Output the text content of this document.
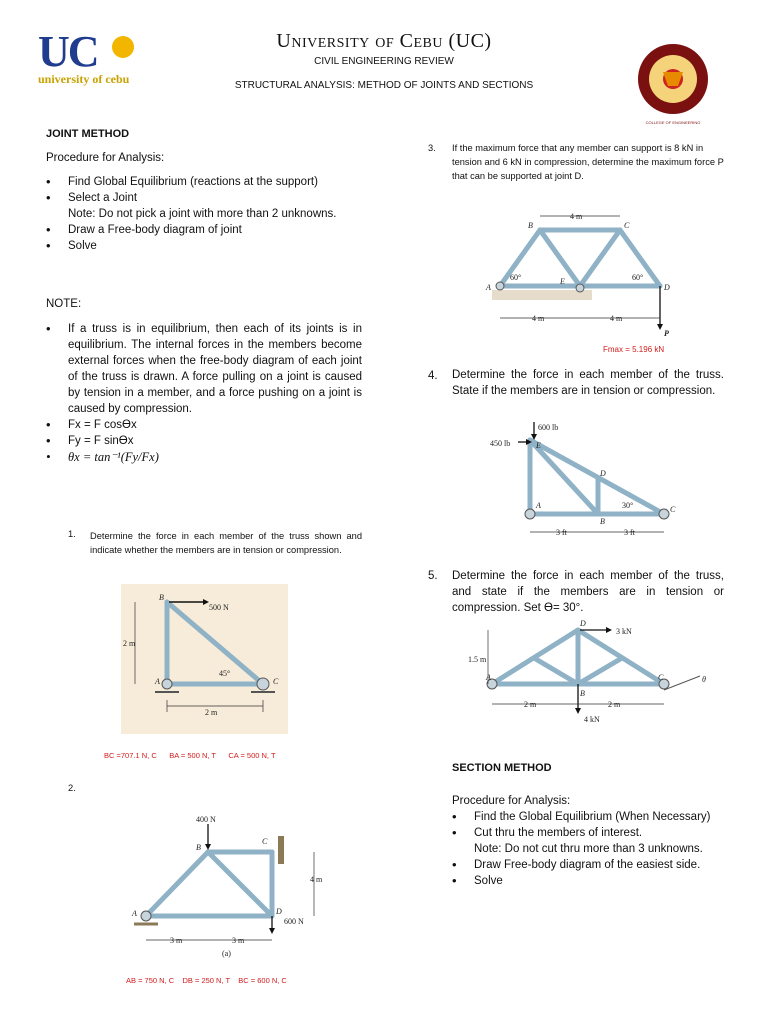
UC
university of cebu
University of Cebu (UC)
CIVIL ENGINEERING REVIEW
STRUCTURAL ANALYSIS: METHOD OF JOINTS AND SECTIONS
COLLEGE OF ENGINEERING
JOINT METHOD
Procedure for Analysis:
• Find Global Equilibrium (reactions at the support)
• Select a Joint
Note: Do not pick a joint with more than 2 unknowns.
• Draw a Free-body diagram of joint
• Solve
NOTE:
• If a truss is in equilibrium, then each of its joints is in equilibrium. The internal forces in the members become external forces when the free-body diagram of each joint of the truss is drawn. A force pulling on a joint is caused by tension in a member, and a force pushing on a joint is caused by compression.
• Fx = F cosϴx
• Fy = F sinϴx
• θx = tan⁻¹(Fy/Fx)
1. Determine the force in each member of the truss shown and indicate whether the members are in tension or compression.
B
A	C
500 N
2 m
2 m
45°
BC =707.1 N, C      BA = 500 N, T      CA = 500 N, T
2.
400 N
B
C
A	D
600 N
4 m
3 m	3 m
(a)
AB = 750 N, C    DB = 250 N, T    BC = 600 N, C
3. If the maximum force that any member can support is 8 kN in tension and 6 kN in compression, determine the maximum force P that can be supported at joint D.
4 m
B	C
A
E
D
60°	60°
4 m	4 m
P
Fmax = 5.196 kN
4. Determine the force in each member of the truss. State if the members are in tension or compression.
600 lb
450 lb	E
D
A
B
C
30°
3 ft	3 ft
5. Determine the force in each member of the truss, and state if the members are in tension or compression. Set ϴ= 30°.
D
3 kN
1.5 m
A
B
C
2 m	2 m
4 kN
θ
SECTION METHOD
Procedure for Analysis:
• Find the Global Equilibrium (When Necessary)
• Cut thru the members of interest.
Note: Do not cut thru more than 3 unknowns.
• Draw Free-body diagram of the easiest side.
• Solve
